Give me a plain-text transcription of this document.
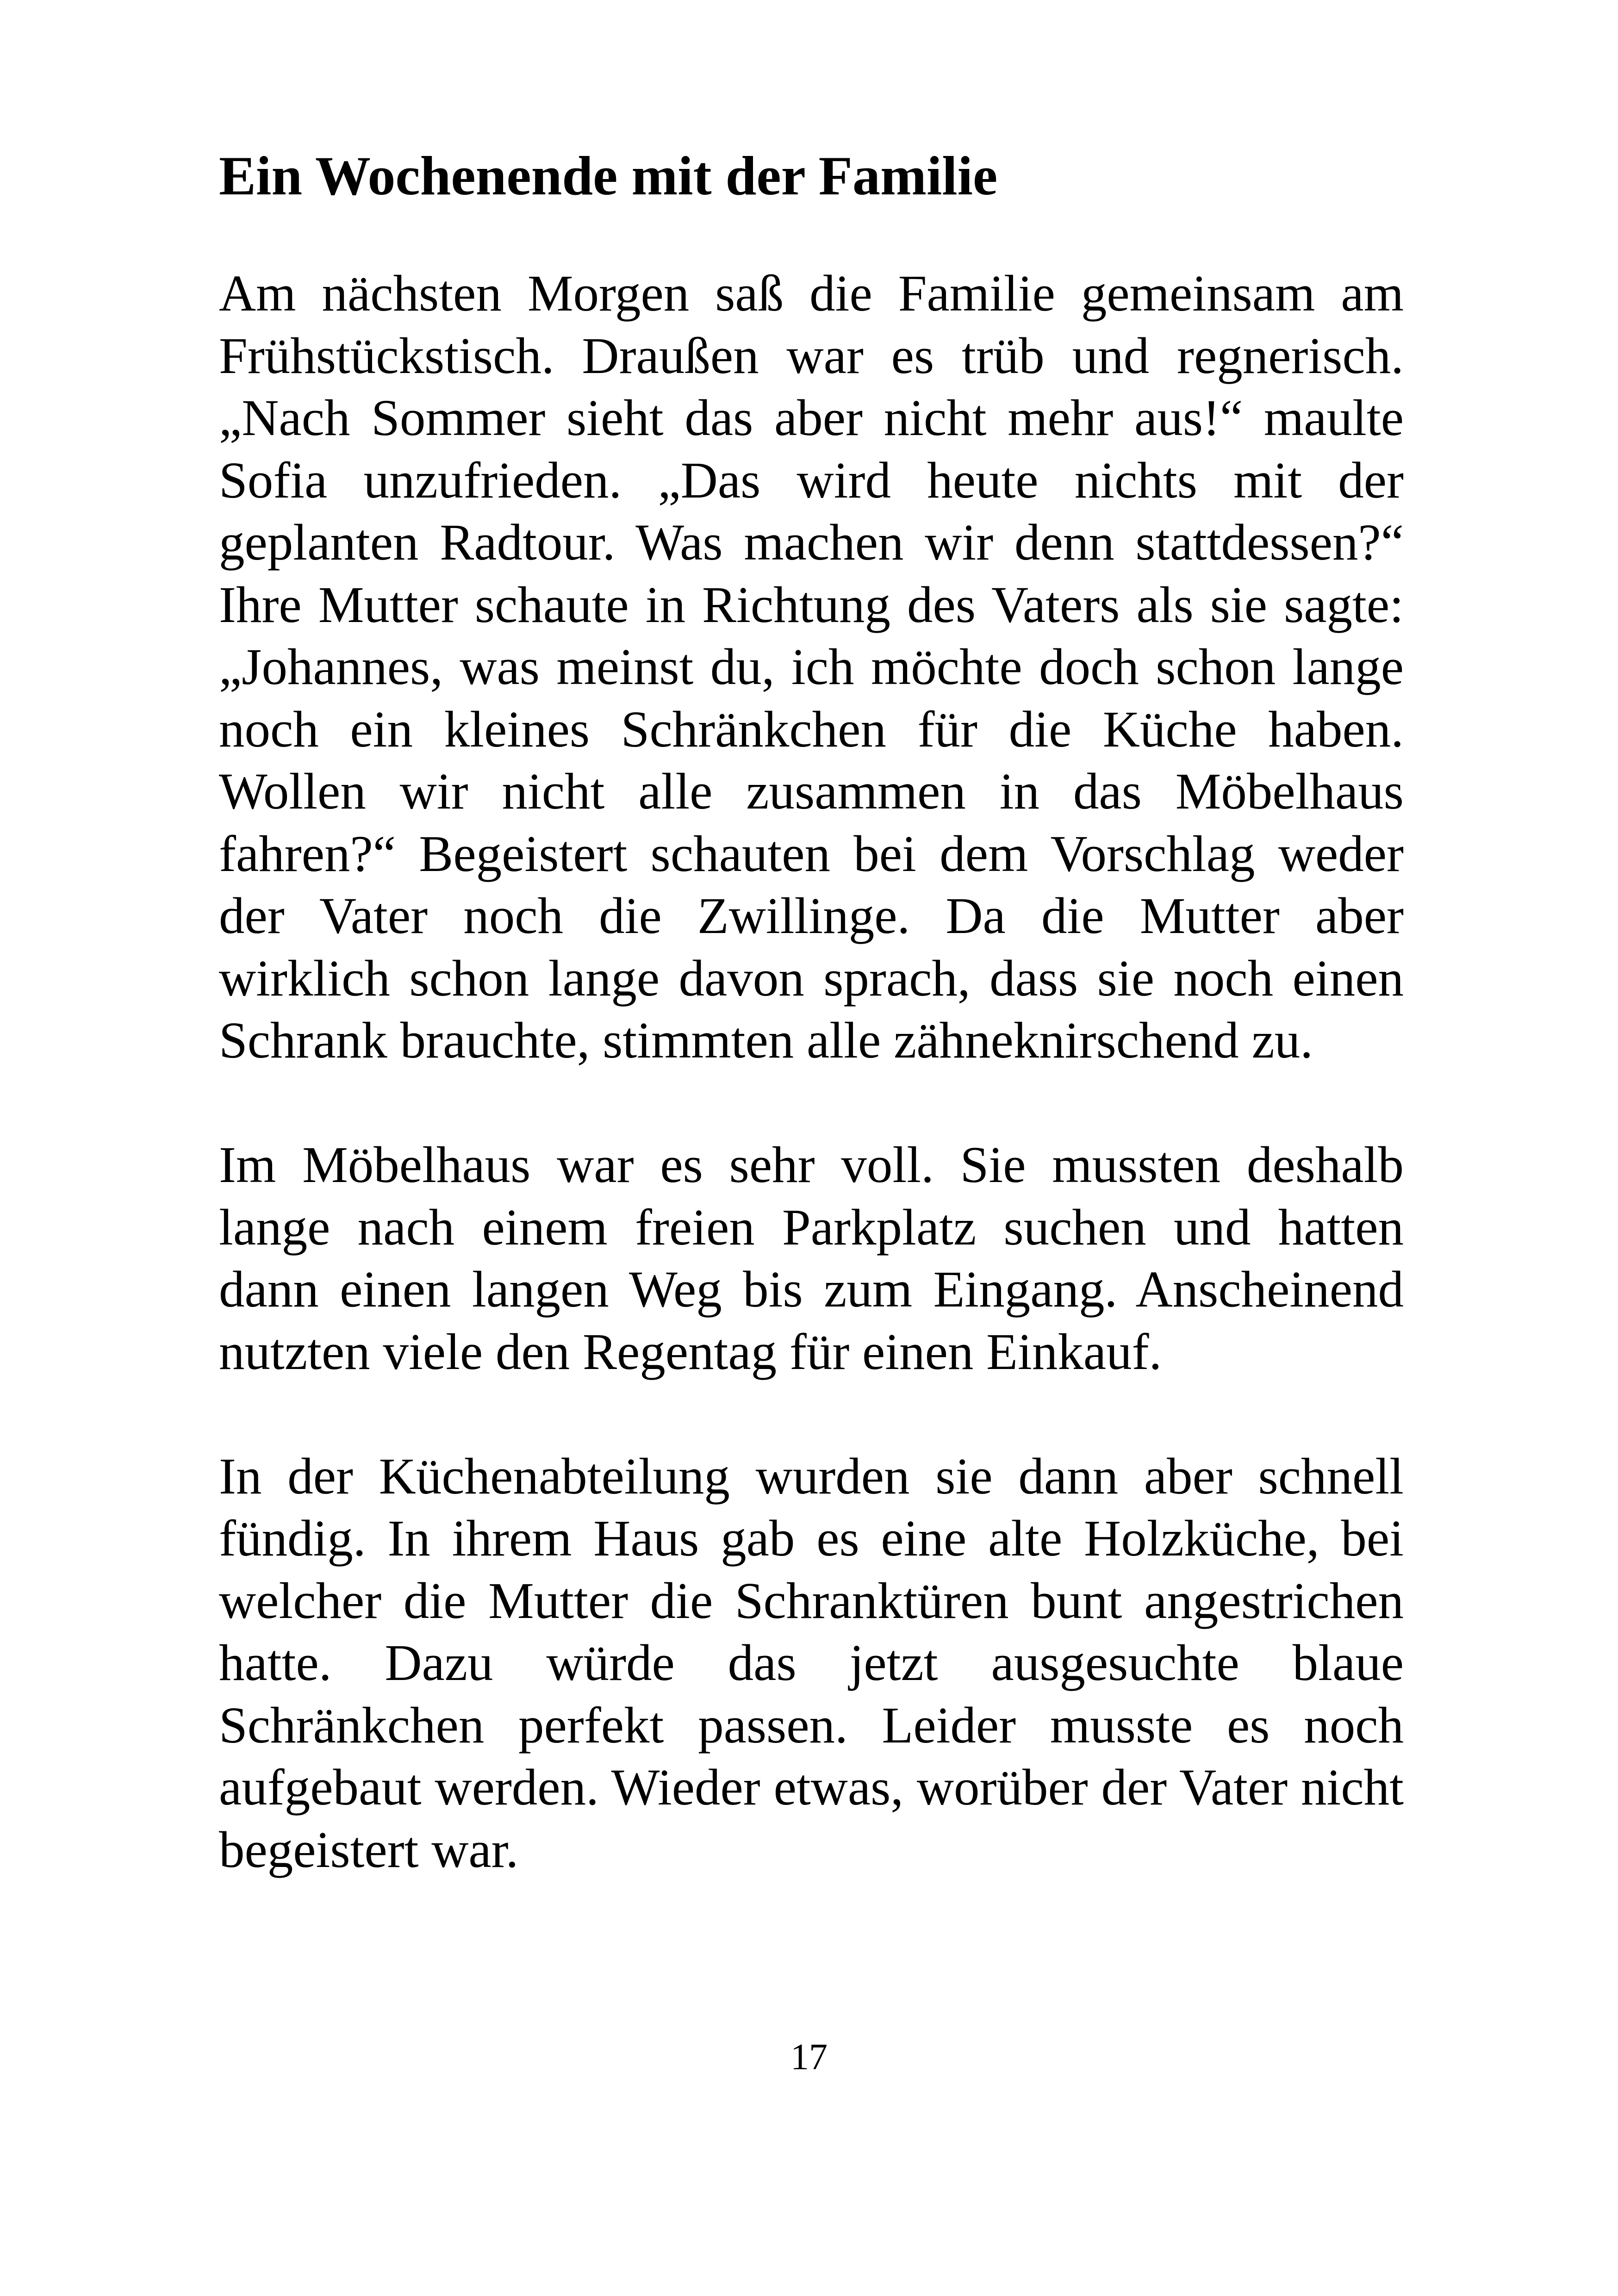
Ein Wochenende mit der Familie

Am nächsten Morgen saß die Familie gemeinsam am Frühstückstisch. Draußen war es trüb und regnerisch. „Nach Sommer sieht das aber nicht mehr aus!“ maulte Sofia unzufrieden. „Das wird heute nichts mit der geplanten Radtour. Was machen wir denn stattdessen?“ Ihre Mutter schaute in Richtung des Vaters als sie sagte: „Johannes, was meinst du, ich möchte doch schon lange noch ein kleines Schränkchen für die Küche haben. Wollen wir nicht alle zusammen in das Möbelhaus fahren?“ Begeistert schauten bei dem Vorschlag weder der Vater noch die Zwillinge. Da die Mutter aber wirklich schon lange davon sprach, dass sie noch einen Schrank brauchte, stimmten alle zähneknirschend zu.

Im Möbelhaus war es sehr voll. Sie mussten deshalb lange nach einem freien Parkplatz suchen und hatten dann einen langen Weg bis zum Eingang. Anscheinend nutzten viele den Regentag für einen Einkauf.

In der Küchenabteilung wurden sie dann aber schnell fündig. In ihrem Haus gab es eine alte Holzküche, bei welcher die Mutter die Schranktüren bunt angestrichen hatte. Dazu würde das jetzt ausgesuchte blaue Schränkchen perfekt passen. Leider musste es noch aufgebaut werden. Wieder etwas, worüber der Vater nicht begeistert war.

17
